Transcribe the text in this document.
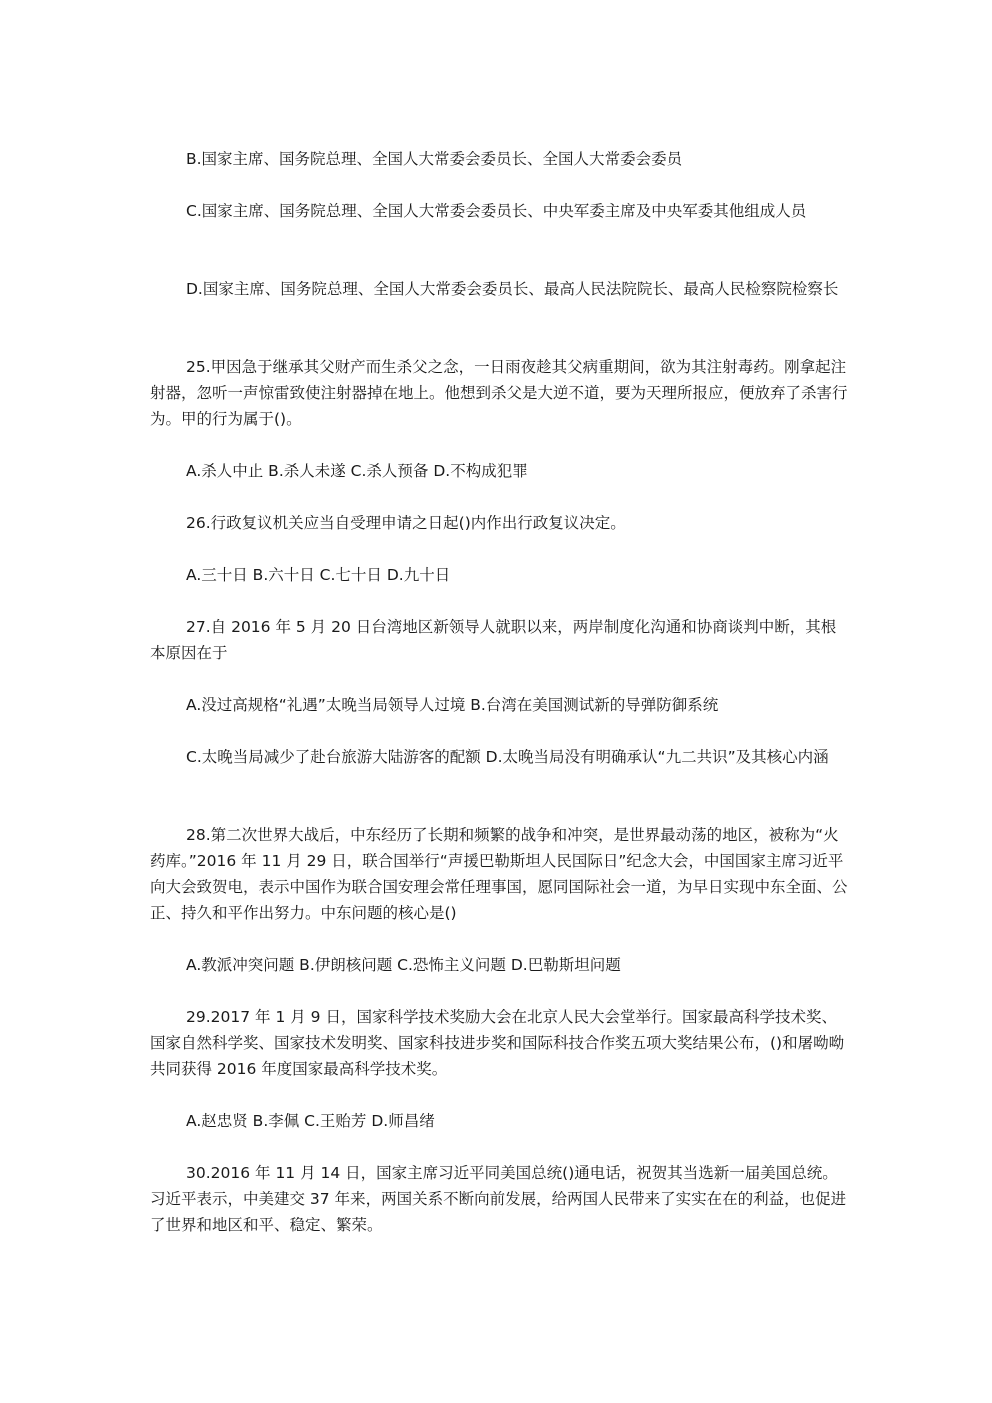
B.国家主席、国务院总理、全国人大常委会委员长、全国人大常委会委员

C.国家主席、国务院总理、全国人大常委会委员长、中央军委主席及中央军委其他组成人员

D.国家主席、国务院总理、全国人大常委会委员长、最高人民法院院长、最高人民检察院检察长

25.甲因急于继承其父财产而生杀父之念，一日雨夜趁其父病重期间，欲为其注射毒药。刚拿起注射器，忽听一声惊雷致使注射器掉在地上。他想到杀父是大逆不道，要为天理所报应，便放弃了杀害行为。甲的行为属于()。

A.杀人中止 B.杀人未遂 C.杀人预备 D.不构成犯罪

26.行政复议机关应当自受理申请之日起()内作出行政复议决定。

A.三十日 B.六十日 C.七十日 D.九十日

27.自 2016 年 5 月 20 日台湾地区新领导人就职以来，两岸制度化沟通和协商谈判中断，其根本原因在于

A.没过高规格“礼遇”太晚当局领导人过境 B.台湾在美国测试新的导弹防御系统

C.太晚当局减少了赴台旅游大陆游客的配额 D.太晚当局没有明确承认“九二共识”及其核心内涵

28.第二次世界大战后，中东经历了长期和频繁的战争和冲突，是世界最动荡的地区，被称为“火药库。”2016 年 11 月 29 日，联合国举行“声援巴勒斯坦人民国际日”纪念大会，中国国家主席习近平向大会致贺电，表示中国作为联合国安理会常任理事国，愿同国际社会一道，为早日实现中东全面、公正、持久和平作出努力。中东问题的核心是()

A.教派冲突问题 B.伊朗核问题 C.恐怖主义问题 D.巴勒斯坦问题

29.2017 年 1 月 9 日，国家科学技术奖励大会在北京人民大会堂举行。国家最高科学技术奖、国家自然科学奖、国家技术发明奖、国家科技进步奖和国际科技合作奖五项大奖结果公布，()和屠呦呦共同获得 2016 年度国家最高科学技术奖。

A.赵忠贤 B.李佩 C.王贻芳 D.师昌绪

30.2016 年 11 月 14 日，国家主席习近平同美国总统()通电话，祝贺其当选新一届美国总统。习近平表示，中美建交 37 年来，两国关系不断向前发展，给两国人民带来了实实在在的利益，也促进了世界和地区和平、稳定、繁荣。
